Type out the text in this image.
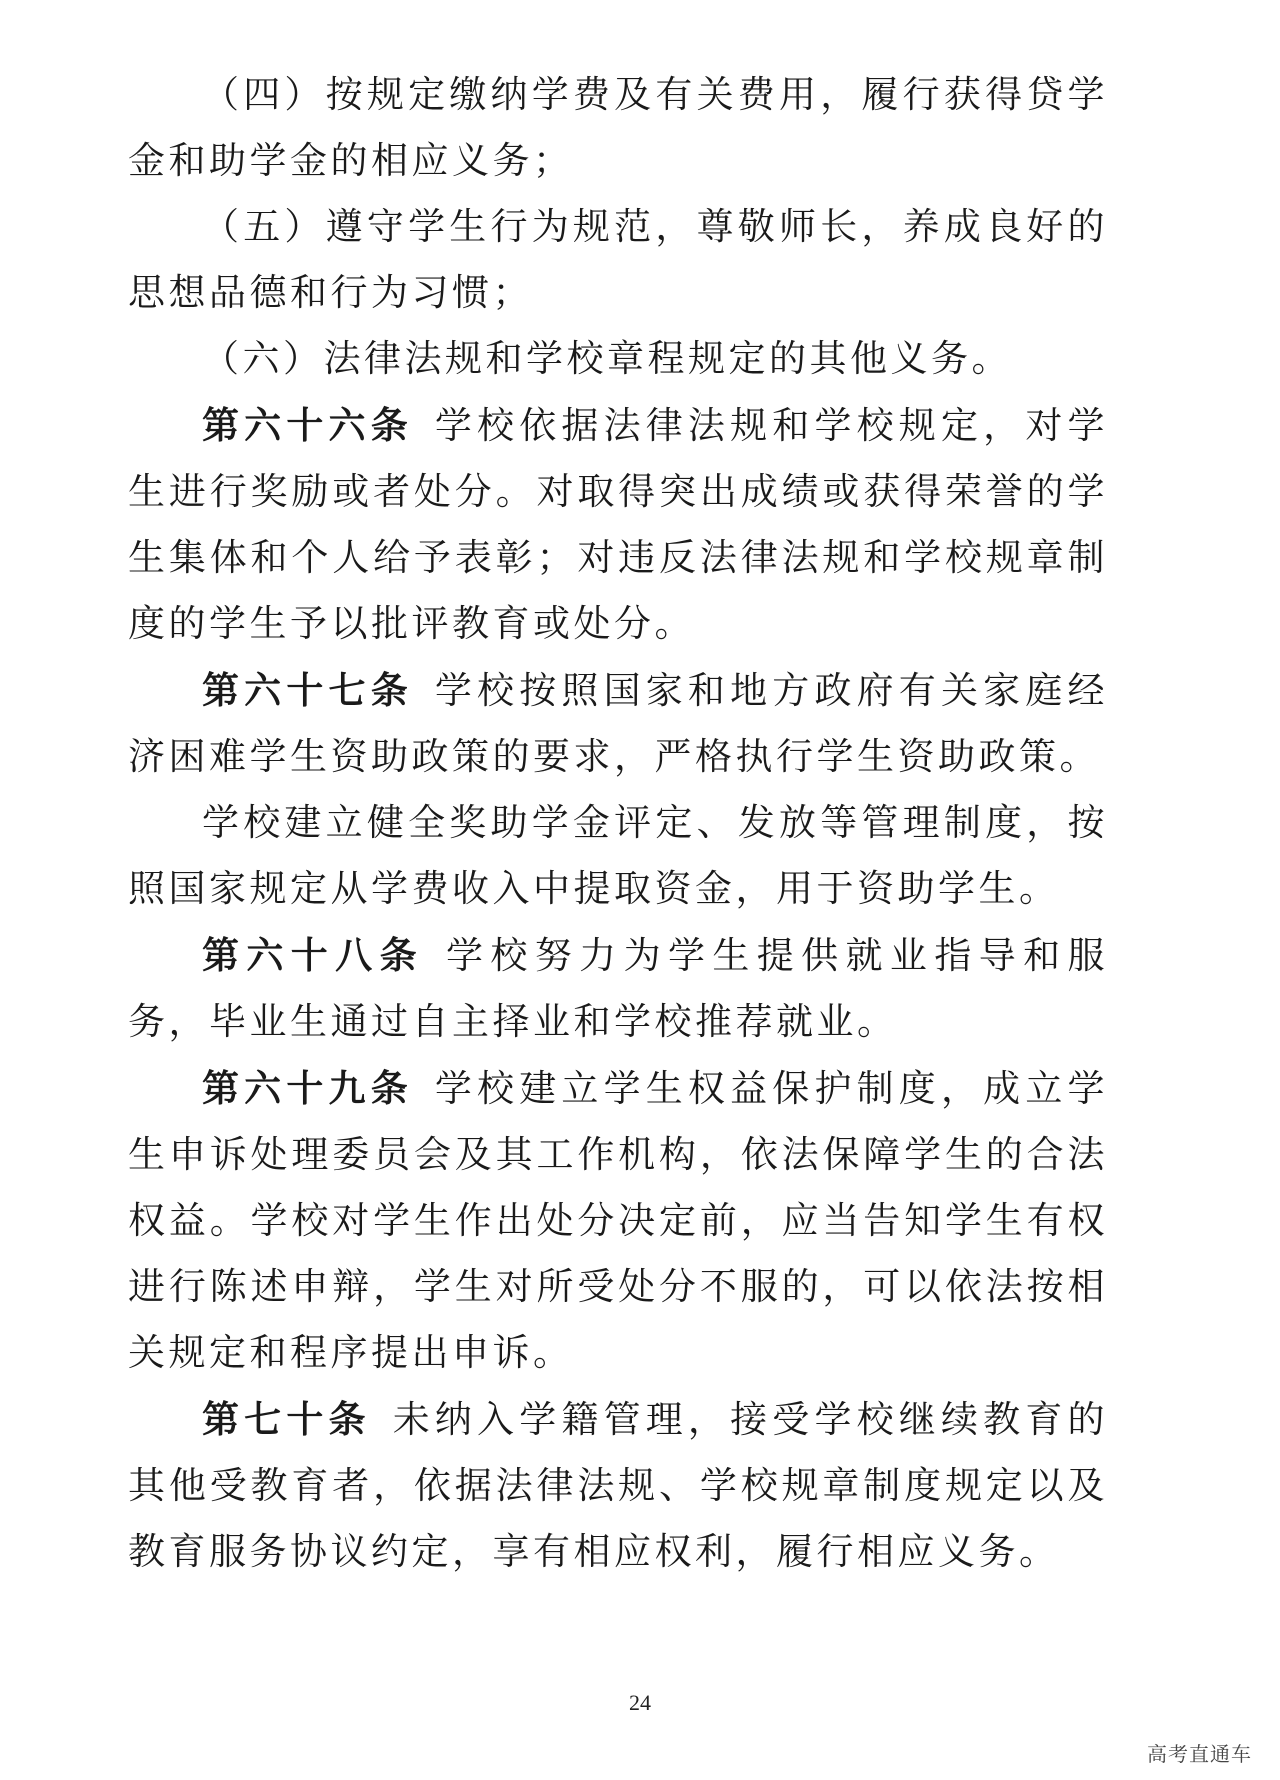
（四）按规定缴纳学费及有关费用，履行获得贷学金和助学金的相应义务；

（五）遵守学生行为规范，尊敬师长，养成良好的思想品德和行为习惯；

（六）法律法规和学校章程规定的其他义务。

第六十六条 学校依据法律法规和学校规定，对学生进行奖励或者处分。对取得突出成绩或获得荣誉的学生集体和个人给予表彰；对违反法律法规和学校规章制度的学生予以批评教育或处分。

第六十七条 学校按照国家和地方政府有关家庭经济困难学生资助政策的要求，严格执行学生资助政策。

学校建立健全奖助学金评定、发放等管理制度，按照国家规定从学费收入中提取资金，用于资助学生。

第六十八条 学校努力为学生提供就业指导和服务，毕业生通过自主择业和学校推荐就业。

第六十九条 学校建立学生权益保护制度，成立学生申诉处理委员会及其工作机构，依法保障学生的合法权益。学校对学生作出处分决定前，应当告知学生有权进行陈述申辩，学生对所受处分不服的，可以依法按相关规定和程序提出申诉。

第七十条 未纳入学籍管理，接受学校继续教育的其他受教育者，依据法律法规、学校规章制度规定以及教育服务协议约定，享有相应权利，履行相应义务。

24
高考直通车
